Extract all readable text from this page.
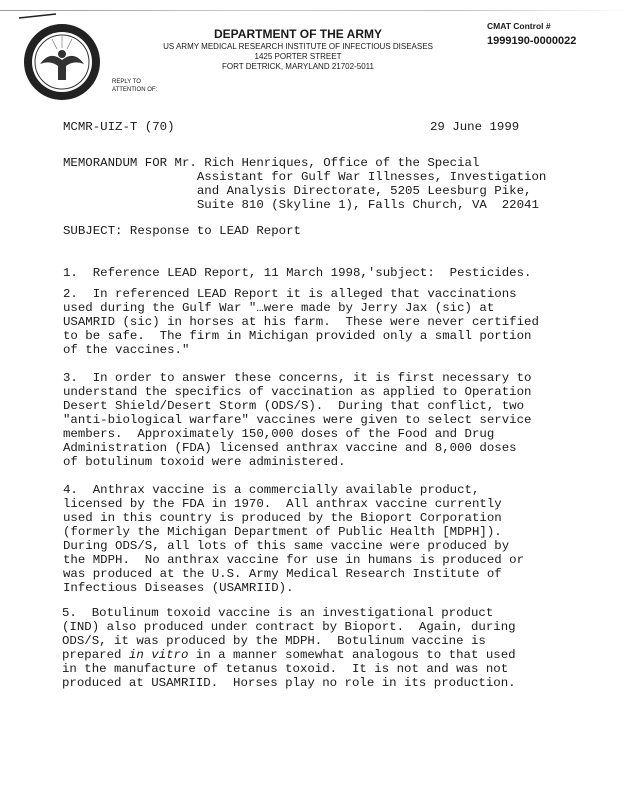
DEPARTMENT OF THE ARMY
US ARMY MEDICAL RESEARCH INSTITUTE OF INFECTIOUS DISEASES
1425 PORTER STREET
FORT DETRICK, MARYLAND 21702-5011
CMAT Control #
1999190-0000022
REPLY TO
ATTENTION OF:
MCMR-UIZ-T (70)	29 June 1999
MEMORANDUM FOR Mr. Rich Henriques, Office of the Special
Assistant for Gulf War Illnesses, Investigation
and Analysis Directorate, 5205 Leesburg Pike,
Suite 810 (Skyline 1), Falls Church, VA  22041
SUBJECT: Response to LEAD Report
1.  Reference LEAD Report, 11 March 1998,'subject:  Pesticides.
2.  In referenced LEAD Report it is alleged that vaccinations
used during the Gulf War "…were made by Jerry Jax (sic) at
USAMRID (sic) in horses at his farm.  These were never certified
to be safe.  The firm in Michigan provided only a small portion
of the vaccines."
3.  In order to answer these concerns, it is first necessary to
understand the specifics of vaccination as applied to Operation
Desert Shield/Desert Storm (ODS/S).  During that conflict, two
"anti-biological warfare" vaccines were given to select service
members.  Approximately 150,000 doses of the Food and Drug
Administration (FDA) licensed anthrax vaccine and 8,000 doses
of botulinum toxoid were administered.
4.  Anthrax vaccine is a commercially available product,
licensed by the FDA in 1970.  All anthrax vaccine currently
used in this country is produced by the Bioport Corporation
(formerly the Michigan Department of Public Health [MDPH]).
During ODS/S, all lots of this same vaccine were produced by
the MDPH.  No anthrax vaccine for use in humans is produced or
was produced at the U.S. Army Medical Research Institute of
Infectious Diseases (USAMRIID).
5.  Botulinum toxoid vaccine is an investigational product
(IND) also produced under contract by Bioport.  Again, during
ODS/S, it was produced by the MDPH.  Botulinum vaccine is
prepared in vitro in a manner somewhat analogous to that used
in the manufacture of tetanus toxoid.  It is not and was not
produced at USAMRIID.  Horses play no role in its production.
